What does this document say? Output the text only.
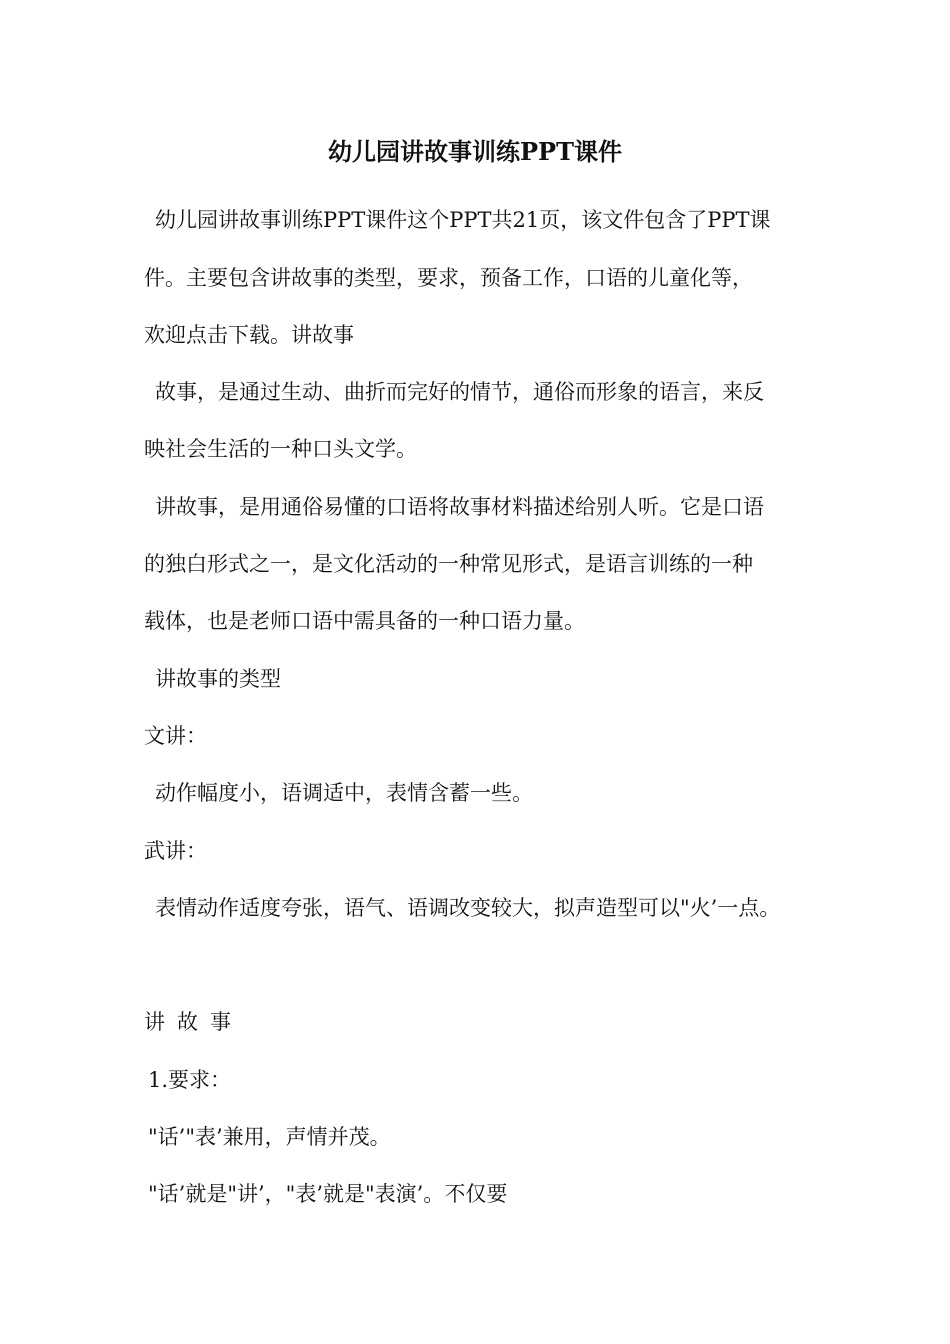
幼儿园讲故事训练PPT课件
幼儿园讲故事训练PPT课件这个PPT共21页，该文件包含了PPT课
件。主要包含讲故事的类型，要求，预备工作，口语的儿童化等，
欢迎点击下载。讲故事
故事，是通过生动、曲折而完好的情节，通俗而形象的语言，来反
映社会生活的一种口头文学。
讲故事，是用通俗易懂的口语将故事材料描述给别人听。它是口语
的独白形式之一，是文化活动的一种常见形式，是语言训练的一种
载体，也是老师口语中需具备的一种口语力量。
讲故事的类型
文讲：
动作幅度小，语调适中，表情含蓄一些。
武讲：
表情动作适度夸张，语气、语调改变较大，拟声造型可以"火’一点。
讲故事
1.要求：
"话’"表’兼用，声情并茂。
"话’就是"讲’，"表’就是"表演’。不仅要
